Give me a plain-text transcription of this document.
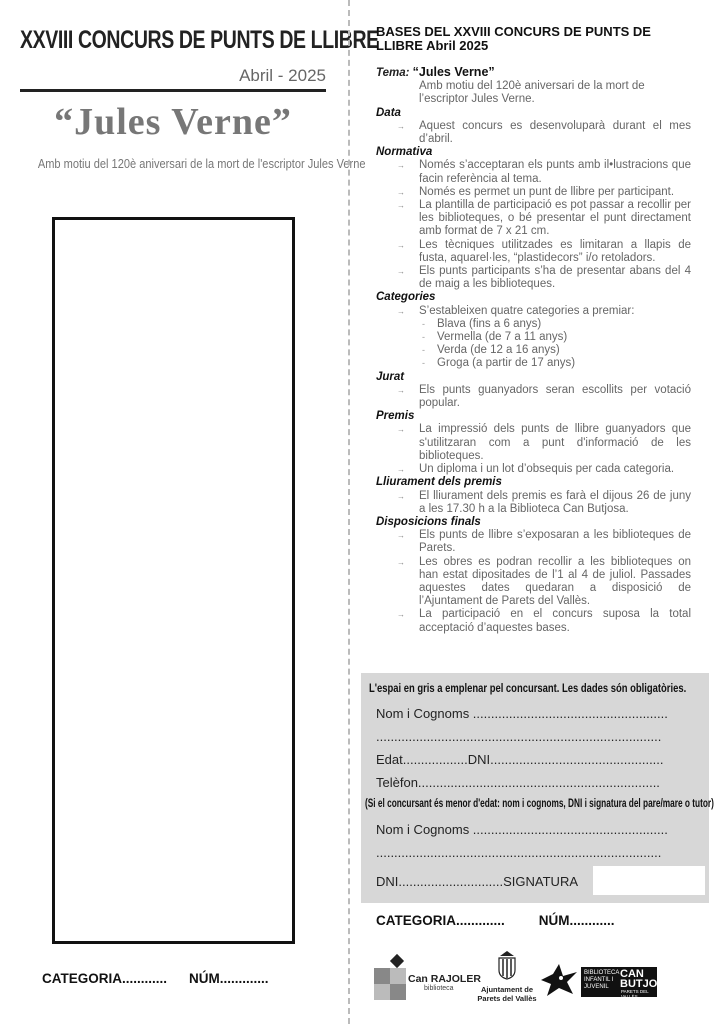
XXVIII CONCURS DE PUNTS DE LLIBRE
Abril - 2025
“Jules Verne”
Amb motiu del 120è aniversari de la mort de l'escriptor Jules Verne
CATEGORIA............ NÚM.............
BASES DEL XXVIII CONCURS DE PUNTS DE LLIBRE Abril 2025
Tema: “Jules Verne”
Amb motiu del 120è aniversari de la mort de l’escriptor Jules Verne.
Data
→ Aquest concurs es desenvoluparà durant el mes d’abril.
Normativa
→ Només s’acceptaran els punts amb il•lustracions que facin referència al tema.
→ Només es permet un punt de llibre per participant.
→ La plantilla de participació es pot passar a recollir per les biblioteques, o bé presentar el punt directament amb format de 7 x 21 cm.
→ Les tècniques utilitzades es limitaran a llapis de fusta, aquarel·les, “plastidecors” i/o retoladors.
→ Els punts participants s’ha de presentar abans del 4 de maig a les biblioteques.
Categories
→ S’estableixen quatre categories a premiar:
- Blava (fins a 6 anys)
- Vermella (de 7 a 11 anys)
- Verda (de 12 a 16 anys)
- Groga (a partir de 17 anys)
Jurat
→ Els punts guanyadors seran escollits per votació popular.
Premis
→ La impressió dels punts de llibre guanyadors que s'utilitzaran com a punt d'informació de les biblioteques.
→ Un diploma i un lot d’obsequis per cada categoria.
Lliurament dels premis
→ El lliurament dels premis es farà el dijous 26 de juny a les 17.30 h a la Biblioteca Can Butjosa.
Disposicions finals
→ Els punts de llibre s’exposaran a les biblioteques de Parets.
→ Les obres es podran recollir a les biblioteques on han estat dipositades de l’1 al 4 de juliol. Passades aquestes dates quedaran a disposició de l’Ajuntament de Parets del Vallès.
→ La participació en el concurs suposa la total acceptació d’aquestes bases.
L'espai en gris a emplenar pel concursant. Les dades són obligatòries.
Nom i Cognoms ......................................................
...............................................................................
Edat..................DNI................................................
Telèfon...................................................................
(Si el concursant és menor d'edat: nom i cognoms, DNI i signatura del pare/mare o tutor)
Nom i Cognoms ......................................................
...............................................................................
DNI.............................SIGNATURA
CATEGORIA.............	NÚM............
Can RAJOLER
biblioteca	Ajuntament de Parets del Vallès
BIBLIOTECA INFANTIL I JUVENIL
CAN BUTJOSA
PARETS DEL VALLÈS
